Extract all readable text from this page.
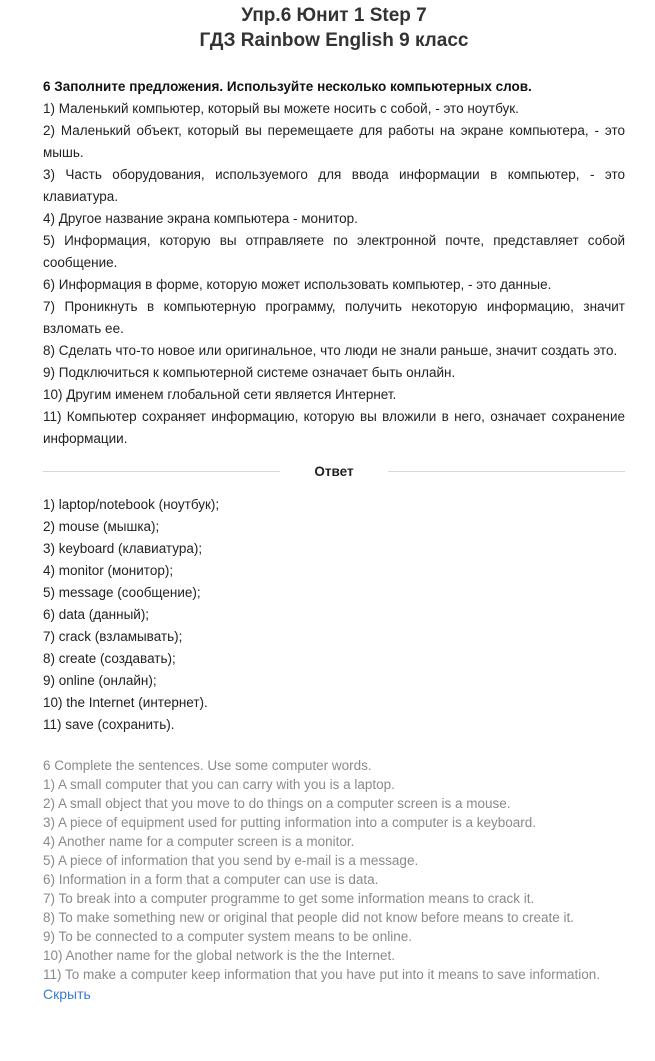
Упр.6 Юнит 1 Step 7
ГДЗ Rainbow English 9 класс
6 Заполните предложения. Используйте несколько компьютерных слов.

1) Маленький компьютер, который вы можете носить с собой, - это ноутбук.

2) Маленький объект, который вы перемещаете для работы на экране компьютера, - это мышь.

3) Часть оборудования, используемого для ввода информации в компьютер, - это клавиатура.

4) Другое название экрана компьютера - монитор.

5) Информация, которую вы отправляете по электронной почте, представляет собой сообщение.

6) Информация в форме, которую может использовать компьютер, - это данные.

7) Проникнуть в компьютерную программу, получить некоторую информацию, значит взломать ее.

8) Сделать что-то новое или оригинальное, что люди не знали раньше, значит создать это.

9) Подключиться к компьютерной системе означает быть онлайн.

10) Другим именем глобальной сети является Интернет.

11) Компьютер сохраняет информацию, которую вы вложили в него, означает сохранение информации.

Ответ

1) laptop/notebook (ноутбук);

2) mouse (мышка);

3) keyboard (клавиатура);

4) monitor (монитор);

5) message (сообщение);

6) data (данный);

7) crack (взламывать);

8) create (создавать);

9) online (онлайн);

10) the Internet (интернет).

11) save (сохранить).

6 Complete the sentences. Use some computer words.

1) A small computer that you can carry with you is a laptop.

2) A small object that you move to do things on a computer screen is a mouse.

3) A piece of equipment used for putting information into a computer is a keyboard.

4) Another name for a computer screen is a monitor.

5) A piece of information that you send by e-mail is a message.

6) Information in a form that a computer can use is data.

7) To break into a computer programme to get some information means to crack it.

8) To make something new or original that people did not know before means to create it.

9) To be connected to a computer system means to be online.

10) Another name for the global network is the the Internet.

11) To make a computer keep information that you have put into it means to save information.

Скрыть
